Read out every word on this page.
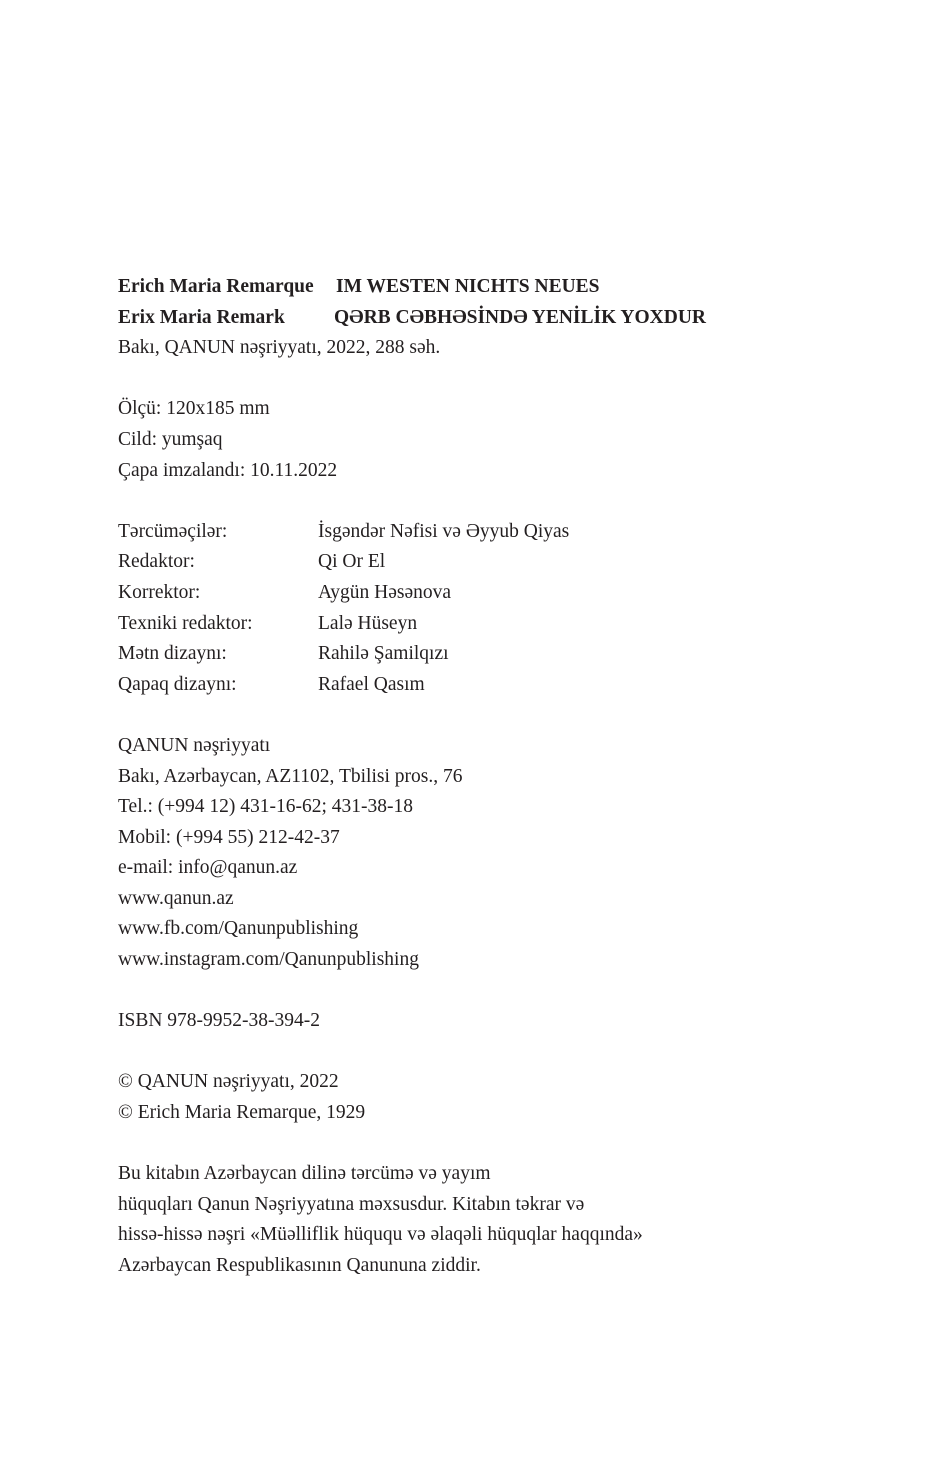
Erich Maria Remarque	IM WESTEN NICHTS NEUES
Erix Maria Remark	QƏRB CƏBHƏSİNDƏ YENİLİK YOXDUR
Bakı, QANUN nəşriyyatı, 2022, 288 səh.
Ölçü: 120x185 mm
Cild: yumşaq
Çapa imzalandı: 10.11.2022
Tərcüməçilər:	İsgəndər Nəfisi və Əyyub Qiyas
Redaktor:	Qi Or El
Korrektor:	Aygün Həsənova
Texniki redaktor:	Lalə Hüseyn
Mətn dizaynı:	Rahilə Şamilqızı
Qapaq dizaynı:	Rafael Qasım
QANUN nəşriyyatı
Bakı, Azərbaycan, AZ1102, Tbilisi pros., 76
Tel.: (+994 12) 431-16-62; 431-38-18
Mobil: (+994 55) 212-42-37
e-mail: info@qanun.az
www.qanun.az
www.fb.com/Qanunpublishing
www.instagram.com/Qanunpublishing
ISBN 978-9952-38-394-2
© QANUN nəşriyyatı, 2022
© Erich Maria Remarque, 1929
Bu kitabın Azərbaycan dilinə tərcümə və yayım
hüquqları Qanun Nəşriyyatına məxsusdur. Kitabın təkrar və
hissə-hissə nəşri «Müəlliflik hüququ və əlaqəli hüquqlar haqqında»
Azərbaycan Respublikasının Qanununa ziddir.
